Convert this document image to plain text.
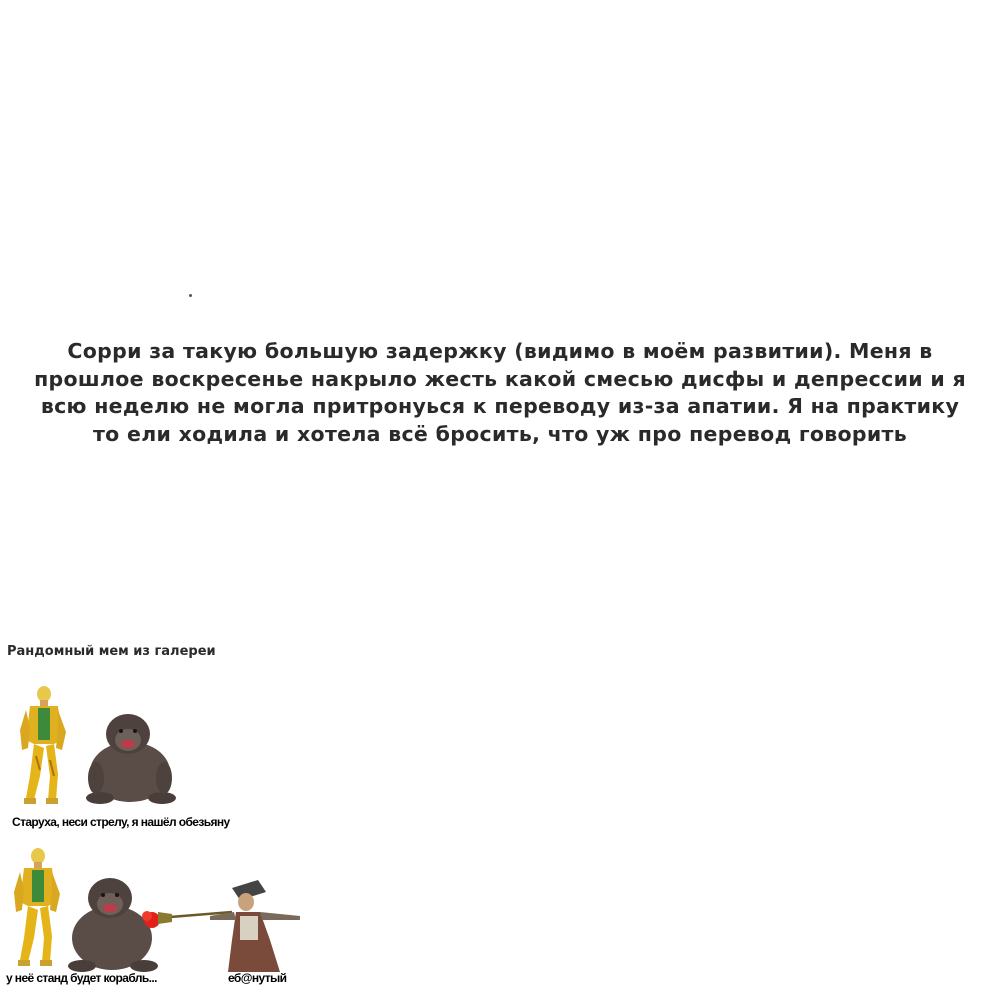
Сорри за такую большую задержку (видимо в моём развитии). Меня в
прошлое воскресенье накрыло жесть какой смесью дисфы и депрессии и я
всю неделю не могла притронуься к переводу из-за апатии. Я на практику
то ели ходила и хотела всё бросить, что уж про перевод говорить
Рандомный мем из галереи
Старуха, неси стрелу, я нашёл обезьяну
у неё станд будет корабль...	еб@нутый
